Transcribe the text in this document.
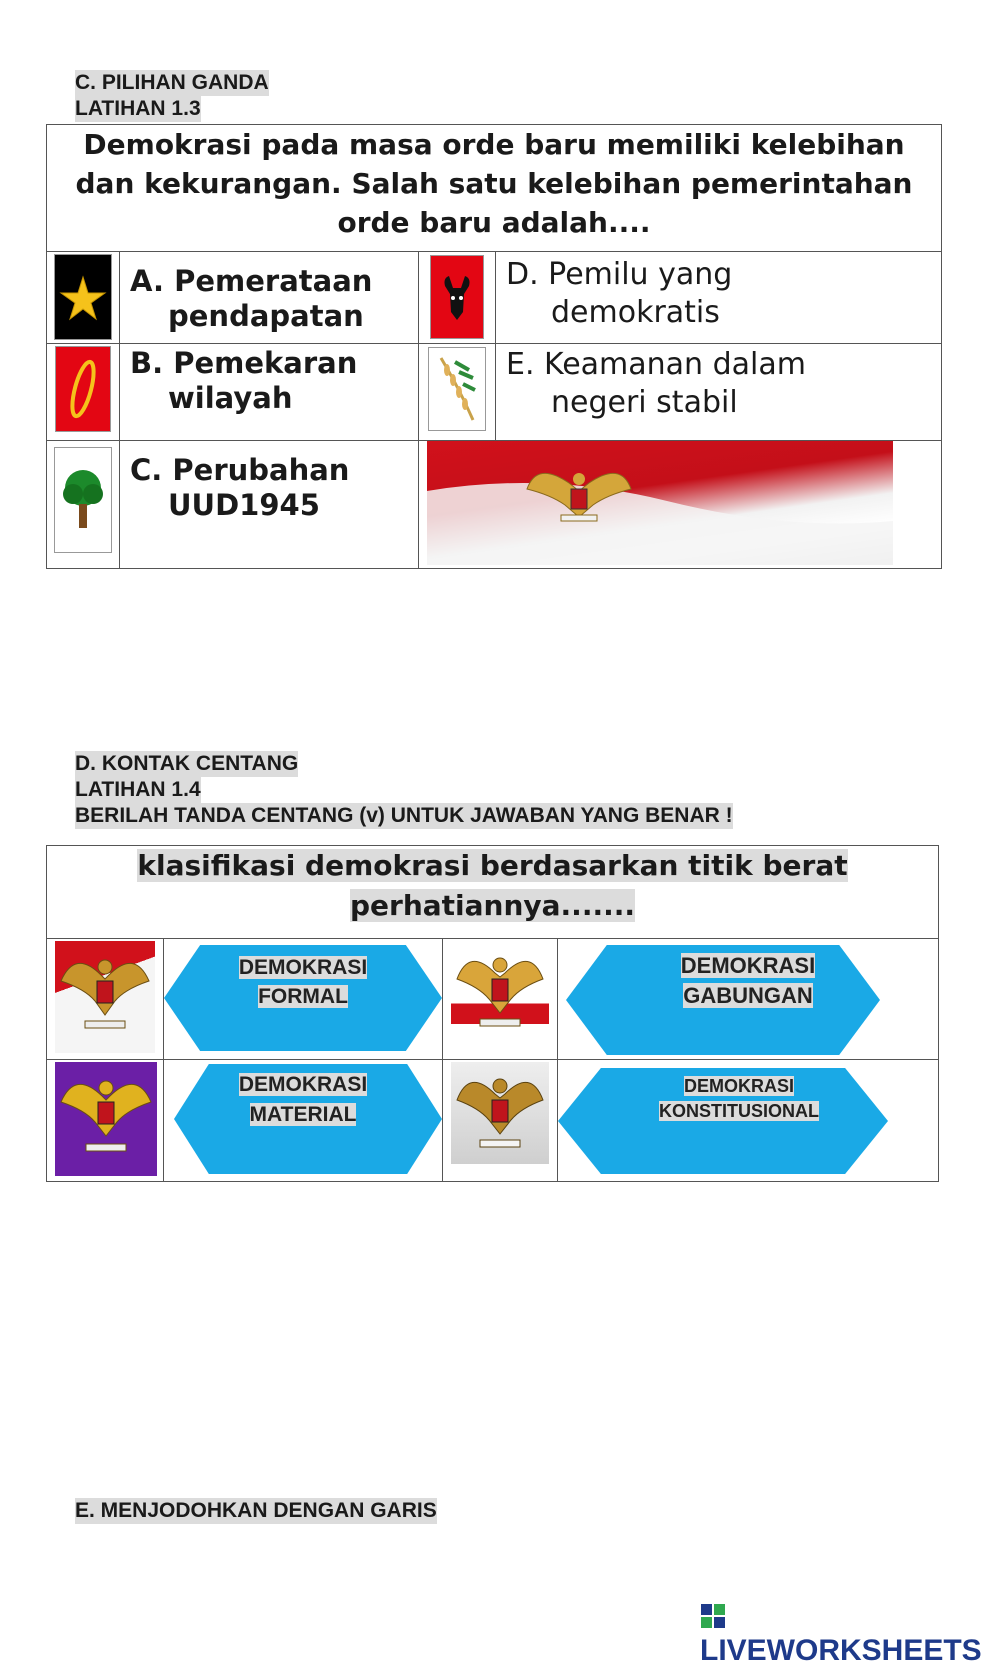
C. PILIHAN GANDA
LATIHAN 1.3
Demokrasi pada masa orde baru memiliki kelebihan dan kekurangan. Salah satu kelebihan pemerintahan orde baru adalah....			

	A. Pemerataan
pendapatan		D. Pemilu yang
demokratis

	B. Pemekaran
wilayah		E. Keamanan dalam
negeri stabil

	C. Perubahan
UUD1945

D. KONTAK CENTANG
LATIHAN 1.4
BERILAH TANDA CENTANG (v) UNTUK JAWABAN YANG BENAR !
klasifikasi demokrasi berdasarkan titik berat
perhatiannya.......			

DEMOKRASI
FORMAL		DEMOKRASI
GABUNGAN

DEMOKRASI
MATERIAL		DEMOKRASI
KONSTITUSIONAL
E. MENJODOHKAN DENGAN GARIS
LIVEWORKSHEETS
